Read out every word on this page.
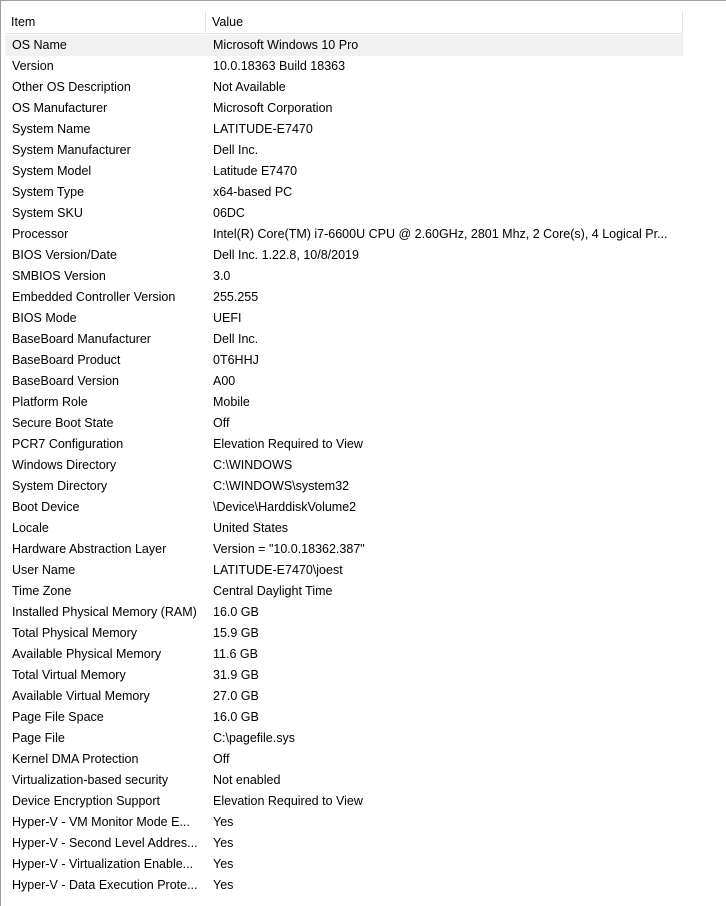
Item	Value
OS Name	Microsoft Windows 10 Pro
Version	10.0.18363 Build 18363
Other OS Description	Not Available
OS Manufacturer	Microsoft Corporation
System Name	LATITUDE-E7470
System Manufacturer	Dell Inc.
System Model	Latitude E7470
System Type	x64-based PC
System SKU	06DC
Processor	Intel(R) Core(TM) i7-6600U CPU @ 2.60GHz, 2801 Mhz, 2 Core(s), 4 Logical Pr...
BIOS Version/Date	Dell Inc. 1.22.8, 10/8/2019
SMBIOS Version	3.0
Embedded Controller Version	255.255
BIOS Mode	UEFI
BaseBoard Manufacturer	Dell Inc.
BaseBoard Product	0T6HHJ
BaseBoard Version	A00
Platform Role	Mobile
Secure Boot State	Off
PCR7 Configuration	Elevation Required to View
Windows Directory	C:\WINDOWS
System Directory	C:\WINDOWS\system32
Boot Device	\Device\HarddiskVolume2
Locale	United States
Hardware Abstraction Layer	Version = "10.0.18362.387"
User Name	LATITUDE-E7470\joest
Time Zone	Central Daylight Time
Installed Physical Memory (RAM)	16.0 GB
Total Physical Memory	15.9 GB
Available Physical Memory	11.6 GB
Total Virtual Memory	31.9 GB
Available Virtual Memory	27.0 GB
Page File Space	16.0 GB
Page File	C:\pagefile.sys
Kernel DMA Protection	Off
Virtualization-based security	Not enabled
Device Encryption Support	Elevation Required to View
Hyper-V - VM Monitor Mode E...	Yes
Hyper-V - Second Level Addres...	Yes
Hyper-V - Virtualization Enable...	Yes
Hyper-V - Data Execution Prote...	Yes
